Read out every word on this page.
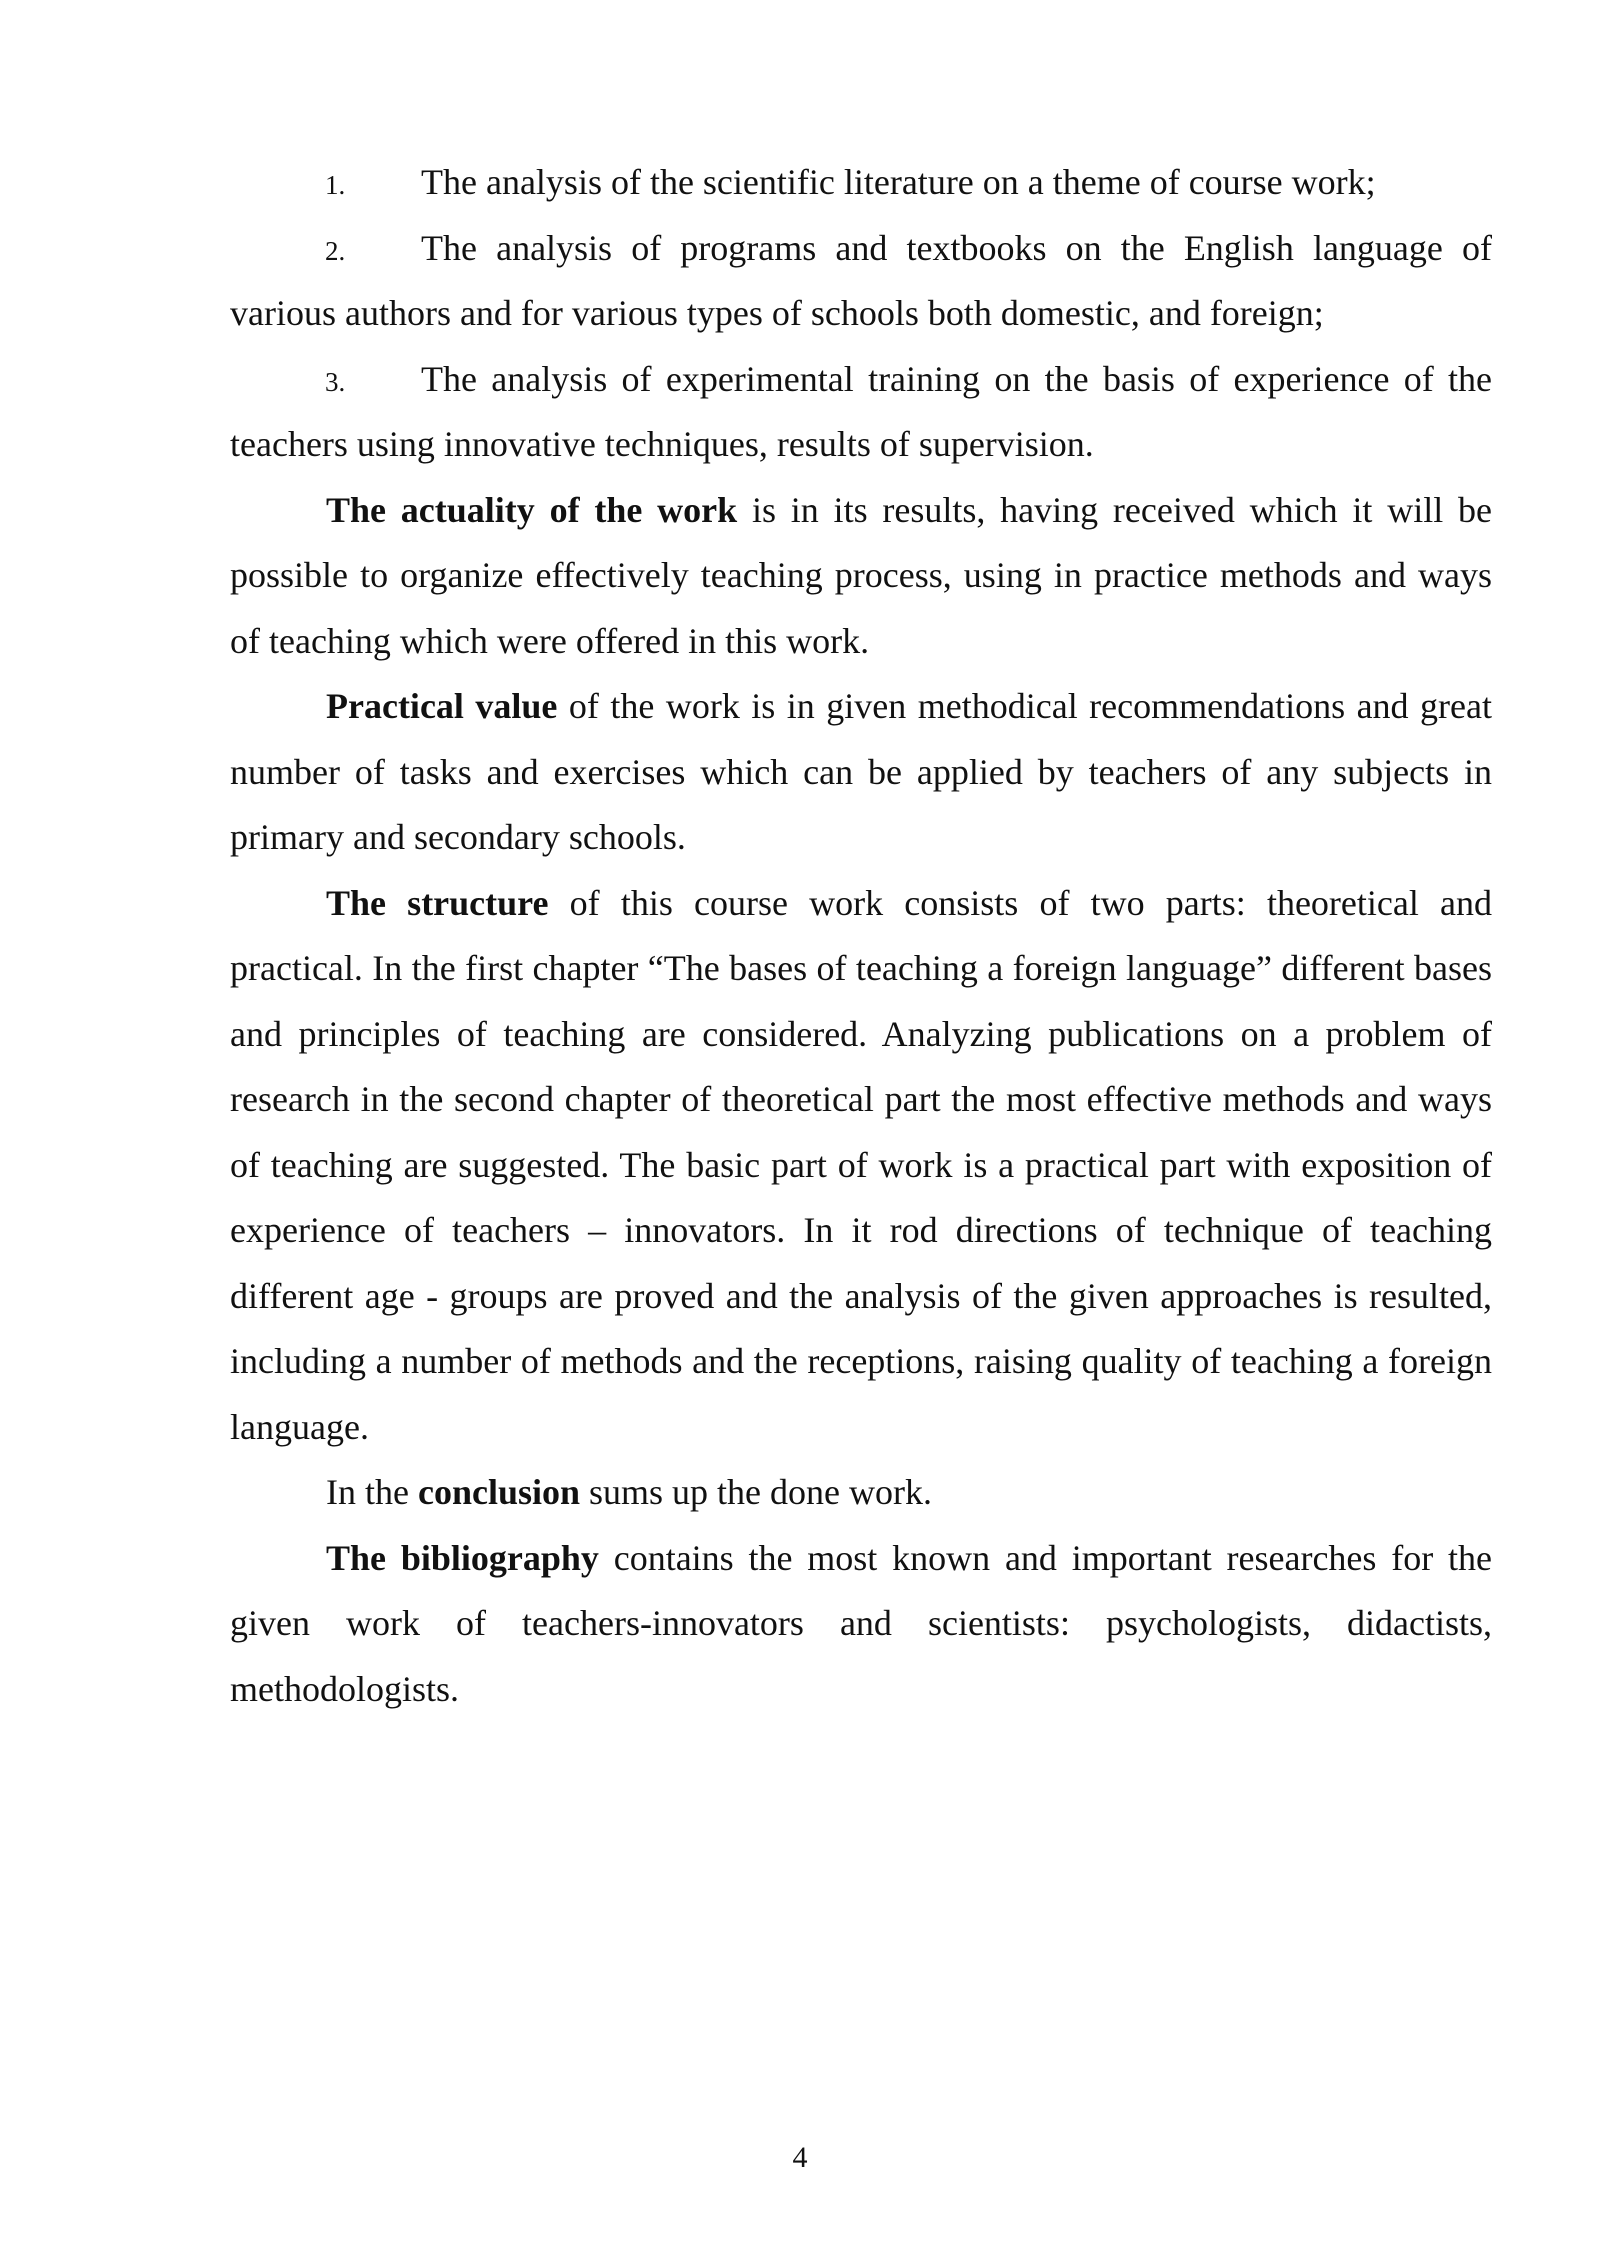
1.	The analysis of the scientific literature on a theme of course work;
2.	The analysis of programs and textbooks on the English language of various authors and for various types of schools both domestic, and foreign;

3.	The analysis of experimental training on the basis of experience of the teachers using innovative techniques, results of supervision.

The actuality of the work is in its results, having received which it will be possible to organize effectively teaching process, using in practice methods and ways of teaching which were offered in this work.

Practical value of the work is in given methodical recommendations and great number of tasks and exercises which can be applied by teachers of any subjects in primary and secondary schools.

The structure of this course work consists of two parts: theoretical and practical. In the first chapter “The bases of teaching a foreign language” different bases and principles of teaching are considered. Analyzing publications on a problem of research in the second chapter of theoretical part the most effective methods and ways of teaching are suggested. The basic part of work is a practical part with exposition of experience of teachers – innovators. In it rod directions of technique of teaching different age - groups are proved and the analysis of the given approaches is resulted, including a number of methods and the receptions, raising quality of teaching a foreign language.

In the conclusion sums up the done work.

The bibliography contains the most known and important researches for the given work of teachers-innovators and scientists: psychologists, didactists, methodologists.

4
